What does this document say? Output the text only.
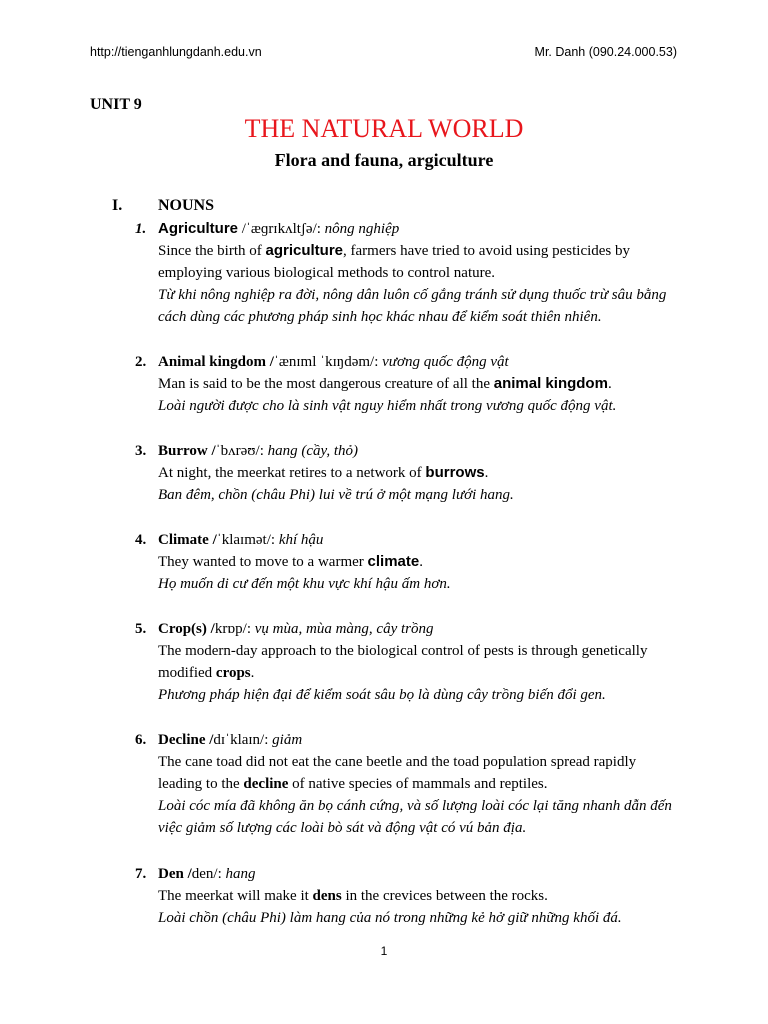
http://tienganhlungdanh.edu.vn	Mr. Danh (090.24.000.53)
UNIT 9
THE NATURAL WORLD
Flora and fauna, argiculture
I. NOUNS
1. Agriculture /ˈæɡrɪkʌltʃə/: nông nghiệp
Since the birth of agriculture, farmers have tried to avoid using pesticides by employing various biological methods to control nature.
Từ khi nông nghiệp ra đời, nông dân luôn cố gắng tránh sử dụng thuốc trừ sâu bằng cách dùng các phương pháp sinh học khác nhau để kiểm soát thiên nhiên.
2. Animal kingdom /ˈænɪml ˈkɪŋdəm/: vương quốc động vật
Man is said to be the most dangerous creature of all the animal kingdom.
Loài người được cho là sinh vật nguy hiểm nhất trong vương quốc động vật.
3. Burrow /ˈbʌrəʊ/: hang (cầy, thỏ)
At night, the meerkat retires to a network of burrows.
Ban đêm, chồn (châu Phi) lui về trú ở một mạng lưới hang.
4. Climate /ˈklaɪmət/: khí hậu
They wanted to move to a warmer climate.
Họ muốn di cư đến một khu vực khí hậu ấm hơn.
5. Crop(s) /krɒp/: vụ mùa, mùa màng, cây trồng
The modern-day approach to the biological control of pests is through genetically modified crops.
Phương pháp hiện đại để kiểm soát sâu bọ là dùng cây trồng biến đổi gen.
6. Decline /dɪˈklaɪn/: giảm
The cane toad did not eat the cane beetle and the toad population spread rapidly leading to the decline of native species of mammals and reptiles.
Loài cóc mía đã không ăn bọ cánh cứng, và số lượng loài cóc lại tăng nhanh dẫn đến việc giảm số lượng các loài bò sát và động vật có vú bản địa.
7. Den /den/: hang
The meerkat will make it dens in the crevices between the rocks.
Loài chồn (châu Phi) làm hang của nó trong những kẻ hở giữ những khối đá.
1
